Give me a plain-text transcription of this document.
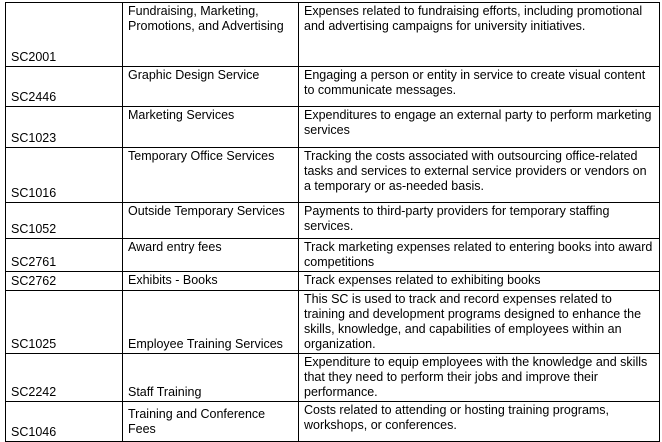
SC2001	Fundraising, Marketing, Promotions, and Advertising	Expenses related to fundraising efforts, including promotional and advertising campaigns for university initiatives.
SC2446	Graphic Design Service	Engaging a person or entity in service to create visual content to communicate messages.
SC1023	Marketing Services	Expenditures to engage an external party to perform marketing services
SC1016	Temporary Office Services	Tracking the costs associated with outsourcing office-related tasks and services to external service providers or vendors on a temporary or as-needed basis.
SC1052	Outside Temporary Services	Payments to third-party providers for temporary staffing services.
SC2761	Award entry fees	Track marketing expenses related to entering books into award competitions
SC2762	Exhibits - Books	Track expenses related to exhibiting books
SC1025	Employee Training Services	This SC is used to track and record expenses related to training and development programs designed to enhance the skills, knowledge, and capabilities of employees within an organization.
SC2242	Staff Training	Expenditure to equip employees with the knowledge and skills that they need to perform their jobs and improve their performance.
SC1046	Training and Conference Fees	Costs related to attending or hosting training programs, workshops, or conferences.
